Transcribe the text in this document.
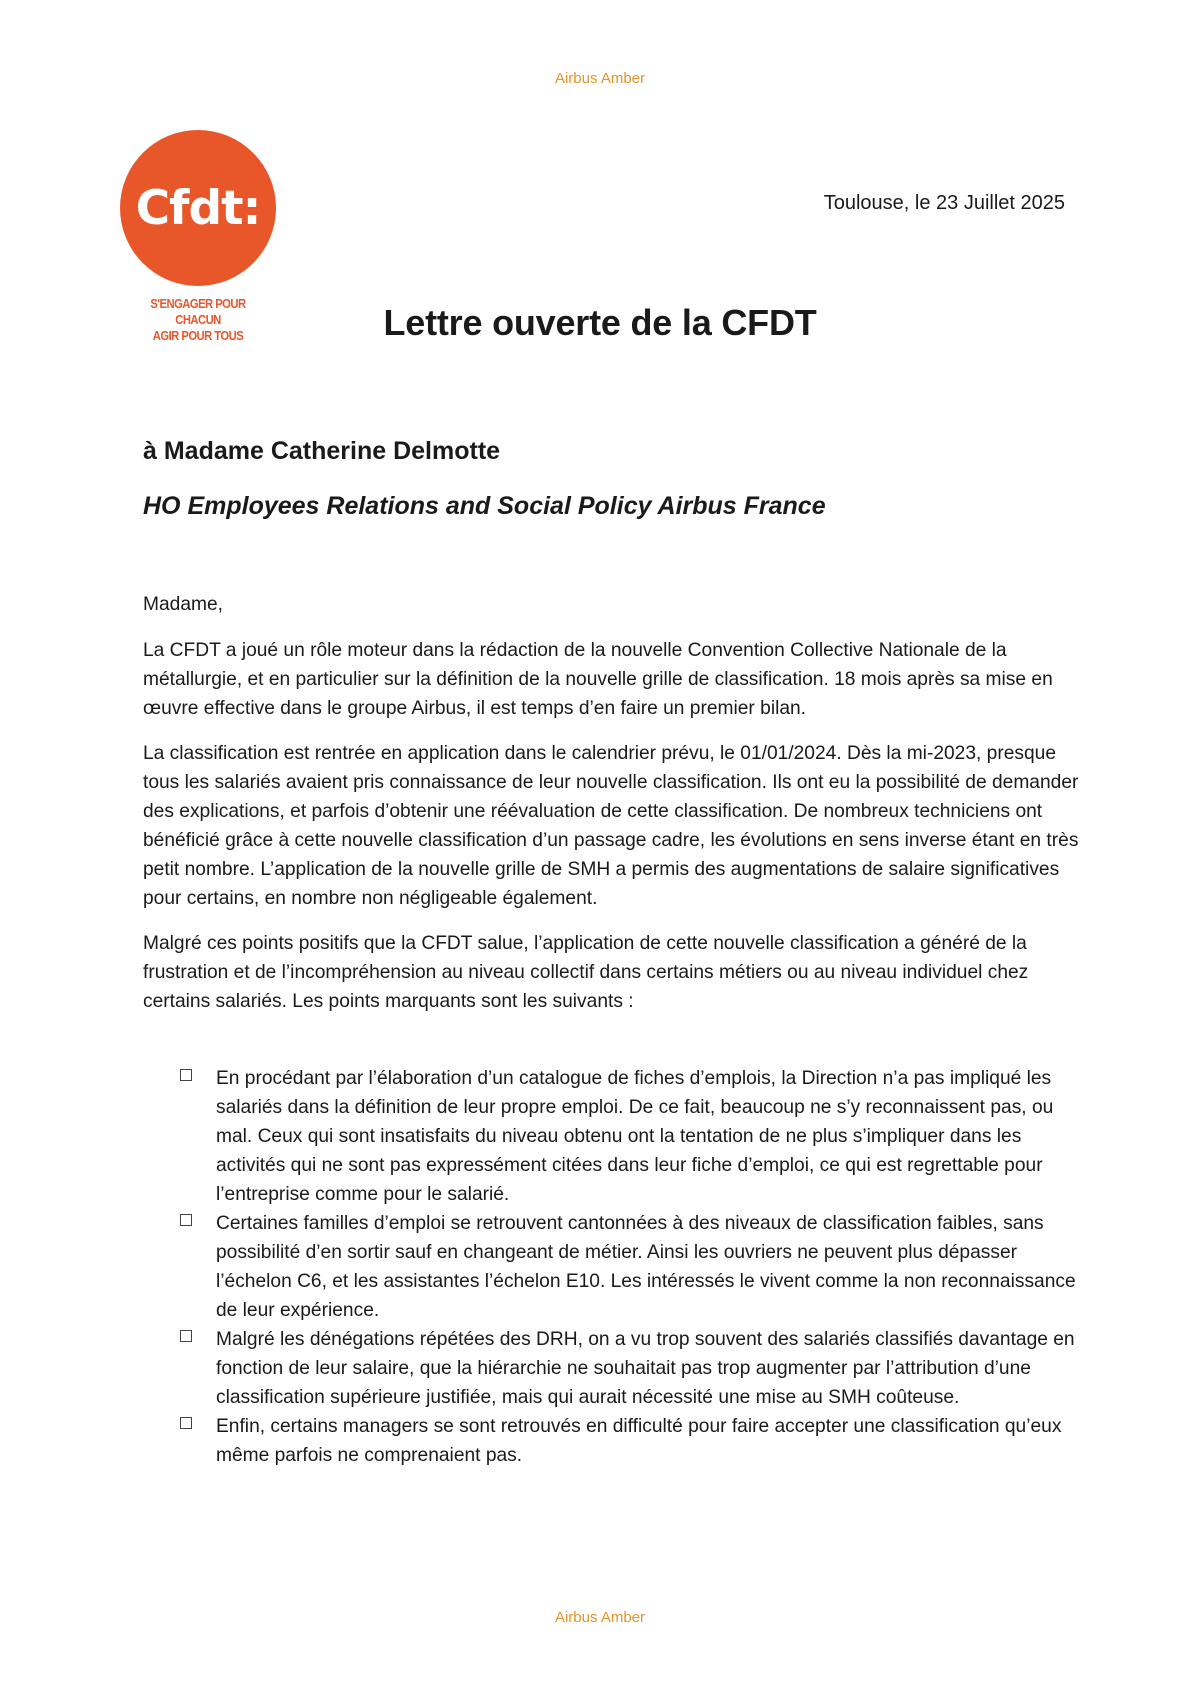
Airbus Amber
Cfdt:
S'ENGAGER POUR CHACUN
AGIR POUR TOUS
Toulouse, le 23 Juillet 2025
Lettre ouverte de la CFDT
à Madame Catherine Delmotte
HO Employees Relations and Social Policy Airbus France

Madame,

La CFDT a joué un rôle moteur dans la rédaction de la nouvelle Convention Collective Nationale de la métallurgie, et en particulier sur la définition de la nouvelle grille de classification. 18 mois après sa mise en œuvre effective dans le groupe Airbus, il est temps d’en faire un premier bilan.

La classification est rentrée en application dans le calendrier prévu, le 01/01/2024. Dès la mi-2023, presque tous les salariés avaient pris connaissance de leur nouvelle classification. Ils ont eu la possibilité de demander des explications, et parfois d’obtenir une réévaluation de cette classification. De nombreux techniciens ont bénéficié grâce à cette nouvelle classification d’un passage cadre, les évolutions en sens inverse étant en très petit nombre. L’application de la nouvelle grille de SMH a permis des augmentations de salaire significatives pour certains, en nombre non négligeable également.

Malgré ces points positifs que la CFDT salue, l’application de cette nouvelle classification a généré de la frustration et de l’incompréhension au niveau collectif dans certains métiers ou au niveau individuel chez certains salariés. Les points marquants sont les suivants :

En procédant par l’élaboration d’un catalogue de fiches d’emplois, la Direction n’a pas impliqué les salariés dans la définition de leur propre emploi. De ce fait, beaucoup ne s’y reconnaissent pas, ou mal. Ceux qui sont insatisfaits du niveau obtenu ont la tentation de ne plus s’impliquer dans les activités qui ne sont pas expressément citées dans leur fiche d’emploi, ce qui est regrettable pour l’entreprise comme pour le salarié.
Certaines familles d’emploi se retrouvent cantonnées à des niveaux de classification faibles, sans possibilité d’en sortir sauf en changeant de métier. Ainsi les ouvriers ne peuvent plus dépasser l’échelon C6, et les assistantes l’échelon E10. Les intéressés le vivent comme la non reconnaissance de leur expérience.
Malgré les dénégations répétées des DRH, on a vu trop souvent des salariés classifiés davantage en fonction de leur salaire, que la hiérarchie ne souhaitait pas trop augmenter par l’attribution d’une classification supérieure justifiée, mais qui aurait nécessité une mise au SMH coûteuse.
Enfin, certains managers se sont retrouvés en difficulté pour faire accepter une classification qu’eux même parfois ne comprenaient pas.
Airbus Amber
